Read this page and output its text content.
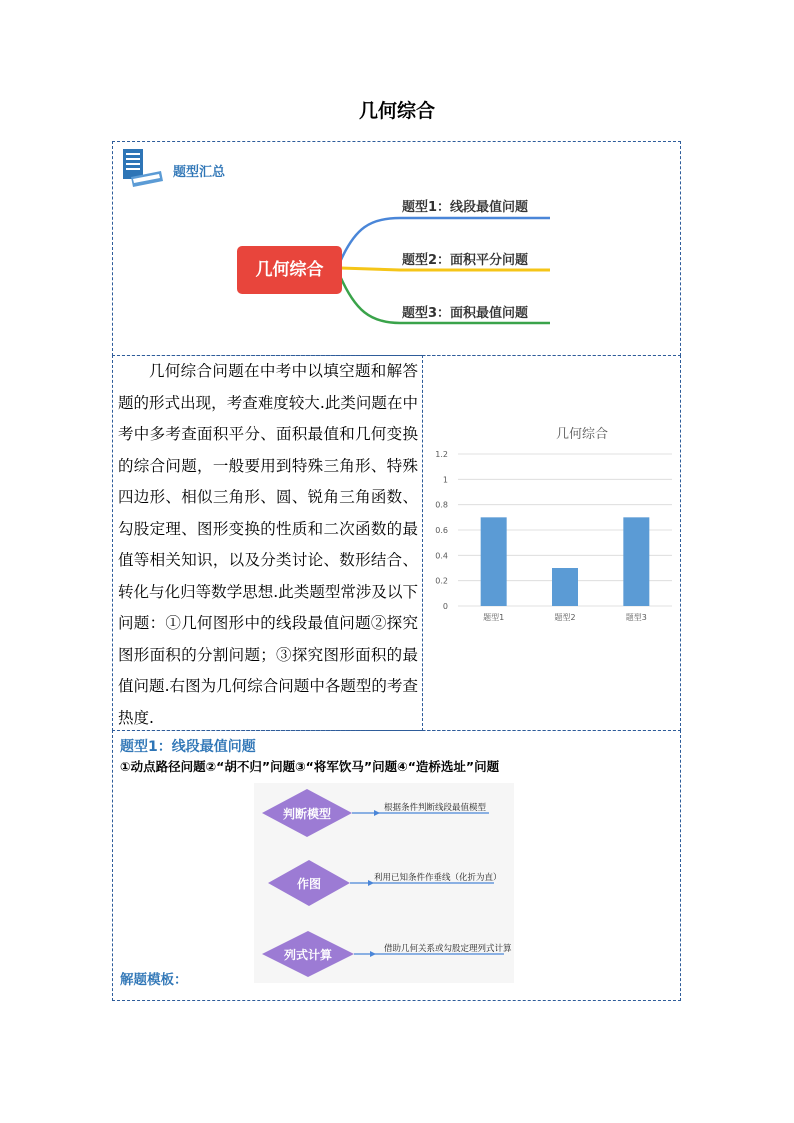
几何综合
题型汇总
几何综合
题型1：线段最值问题
题型2：面积平分问题
题型3：面积最值问题

几何综合问题在中考中以填空题和解答题的形式出现，考查难度较大.此类问题在中考中多考查面积平分、面积最值和几何变换的综合问题，一般要用到特殊三角形、特殊四边形、相似三角形、圆、锐角三角函数、勾股定理、图形变换的性质和二次函数的最值等相关知识，以及分类讨论、数形结合、转化与化归等数学思想.此类题型常涉及以下问题：①几何图形中的线段最值问题②探究图形面积的分割问题；③探究图形面积的最值问题.右图为几何综合问题中各题型的考查热度.

几何综合
0
0.2
0.4
0.6
0.8
1
1.2
题型1	题型2	题型3
题型1：线段最值问题
①动点路径问题②“胡不归”问题③“将军饮马”问题④“造桥选址”问题
判断模型	根据条件判断线段最值模型
作图	利用已知条件作垂线（化折为直）
列式计算	借助几何关系或勾股定理列式计算
解题模板：
